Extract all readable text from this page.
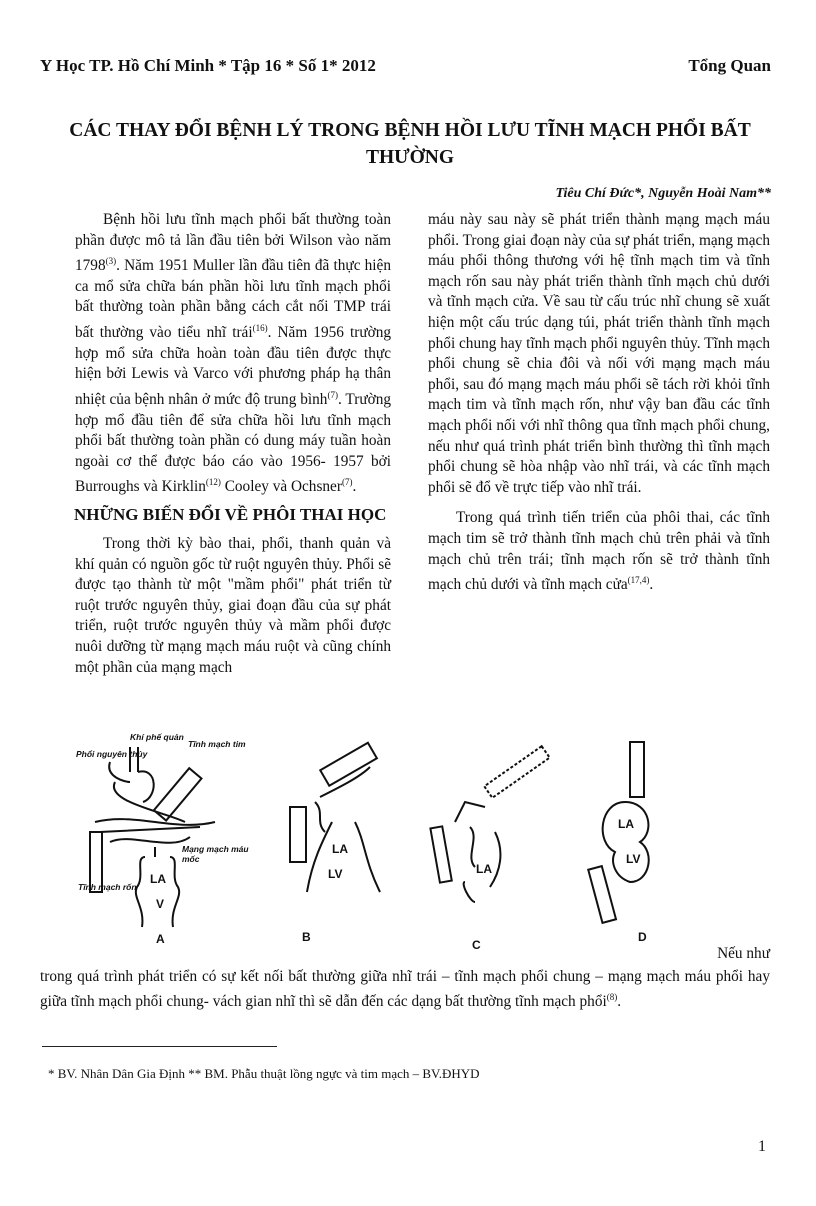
Y Học TP. Hồ Chí Minh * Tập 16 * Số 1* 2012	Tổng Quan
CÁC THAY ĐỔI BỆNH LÝ TRONG BỆNH HỒI LƯU TĨNH MẠCH PHỔI BẤT THƯỜNG
Tiêu Chí Đức*, Nguyễn Hoài Nam**

Bệnh hồi lưu tĩnh mạch phổi bất thường toàn phần được mô tả lần đầu tiên bởi Wilson vào năm 1798$^{(3)}$. Năm 1951 Muller lần đầu tiên đã thực hiện ca mổ sửa chữa bán phần hồi lưu tĩnh mạch phổi bất thường toàn phần bằng cách cắt nối TMP trái bất thường vào tiểu nhĩ trái$^{(16)}$. Năm 1956 trường hợp mổ sửa chữa hoàn toàn đầu tiên được thực hiện bởi Lewis và Varco với phương pháp hạ thân nhiệt của bệnh nhân ở mức độ trung bình$^{(7)}$. Trường hợp mổ đầu tiên để sửa chữa hồi lưu tĩnh mạch phổi bất thường toàn phần có dung máy tuần hoàn ngoài cơ thể được báo cáo vào 1956- 1957 bởi Burroughs và Kirklin$^{(12)}$ Cooley và Ochsner$^{(7)}$.

NHỮNG BIẾN ĐỔI VỀ PHÔI THAI HỌC

Trong thời kỳ bào thai, phổi, thanh quản và khí quản có nguồn gốc từ ruột nguyên thủy. Phổi sẽ được tạo thành từ một "mầm phổi" phát triển từ ruột trước nguyên thủy, giai đoạn đầu của sự phát triển, ruột trước nguyên thủy và mầm phổi được nuôi dưỡng từ mạng mạch máu ruột và cũng chính một phần của mạng mạch

máu này sau này sẽ phát triển thành mạng mạch máu phổi. Trong giai đoạn này của sự phát triển, mạng mạch máu phổi thông thương với hệ tĩnh mạch tim và tĩnh mạch rốn sau này phát triển thành tĩnh mạch chủ dưới và tĩnh mạch cửa. Về sau từ cấu trúc nhĩ chung sẽ xuất hiện một cấu trúc dạng túi, phát triển thành tĩnh mạch phổi chung hay tĩnh mạch phổi nguyên thủy. Tĩnh mạch phổi chung sẽ chia đôi và nối với mạng mạch máu phổi, sau đó mạng mạch máu phổi sẽ tách rời khỏi tĩnh mạch tim và tĩnh mạch rốn, như vậy ban đầu các tĩnh mạch phổi nối với nhĩ thông qua tĩnh mạch phổi chung, nếu như quá trình phát triển bình thường thì tĩnh mạch phổi chung sẽ hòa nhập vào nhĩ trái, và các tĩnh mạch phổi sẽ đổ về trực tiếp vào nhĩ trái.

Trong quá trình tiến triển của phôi thai, các tĩnh mạch tim sẽ trở thành tĩnh mạch chủ trên phải và tĩnh mạch chủ trên trái; tĩnh mạch rốn sẽ trở thành tĩnh mạch chủ dưới và tĩnh mạch cửa$^{(17,4)}$.

Khí phế quản
Phổi nguyên thủy
Tĩnh mạch tim
Mạng mạch máu mốc
Tĩnh mạch rốn
LA
V
LA
LV	LA
LA
LV
A	B
C
D
Nếu như
trong quá trình phát triển có sự kết nối bất thường giữa nhĩ trái – tĩnh mạch phổi chung – mạng mạch máu phổi hay giữa tĩnh mạch phổi chung- vách gian nhĩ thì sẽ dẫn đến các dạng bất thường tĩnh mạch phổi$^{(8)}$.
* BV. Nhân Dân Gia Định ** BM. Phẫu thuật lồng ngực và tim mạch – BV.ĐHYD
1
